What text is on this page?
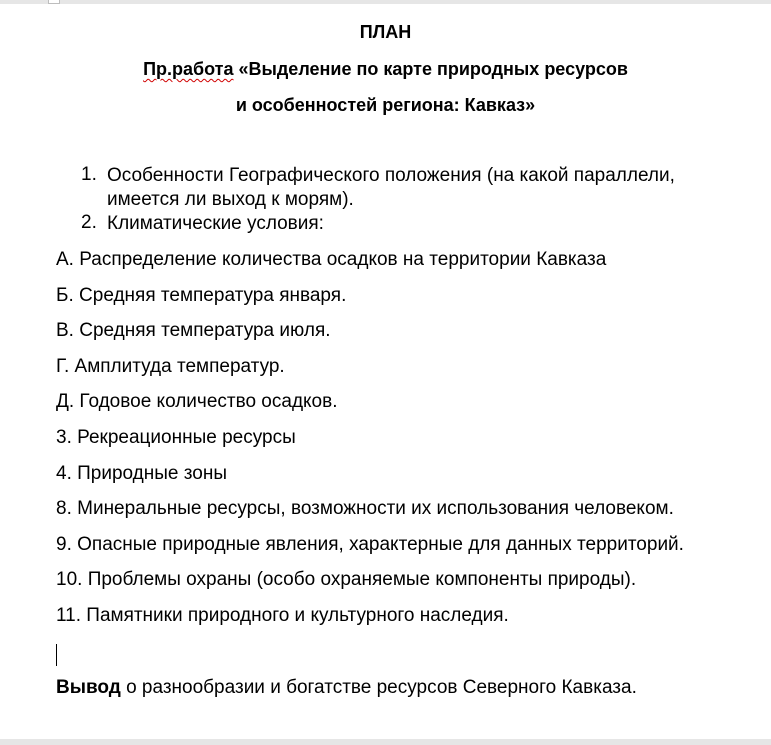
ПЛАН
Пр.работа «Выделение по карте природных ресурсов
и особенностей региона: Кавказ»
1. Особенности Географического положения (на какой параллели, имеется ли выход к морям).
2. Климатические условия:
А. Распределение количества осадков на территории Кавказа
Б. Средняя температура января.
В. Средняя температура июля.
Г. Амплитуда температур.
Д. Годовое количество осадков.
3. Рекреационные ресурсы
4. Природные зоны
8. Минеральные ресурсы, возможности их использования человеком.
9. Опасные природные явления, характерные для данных территорий.
10. Проблемы охраны (особо охраняемые компоненты природы).
11. Памятники природного и культурного наследия.
Вывод о разнообразии и богатстве ресурсов Северного Кавказа.
